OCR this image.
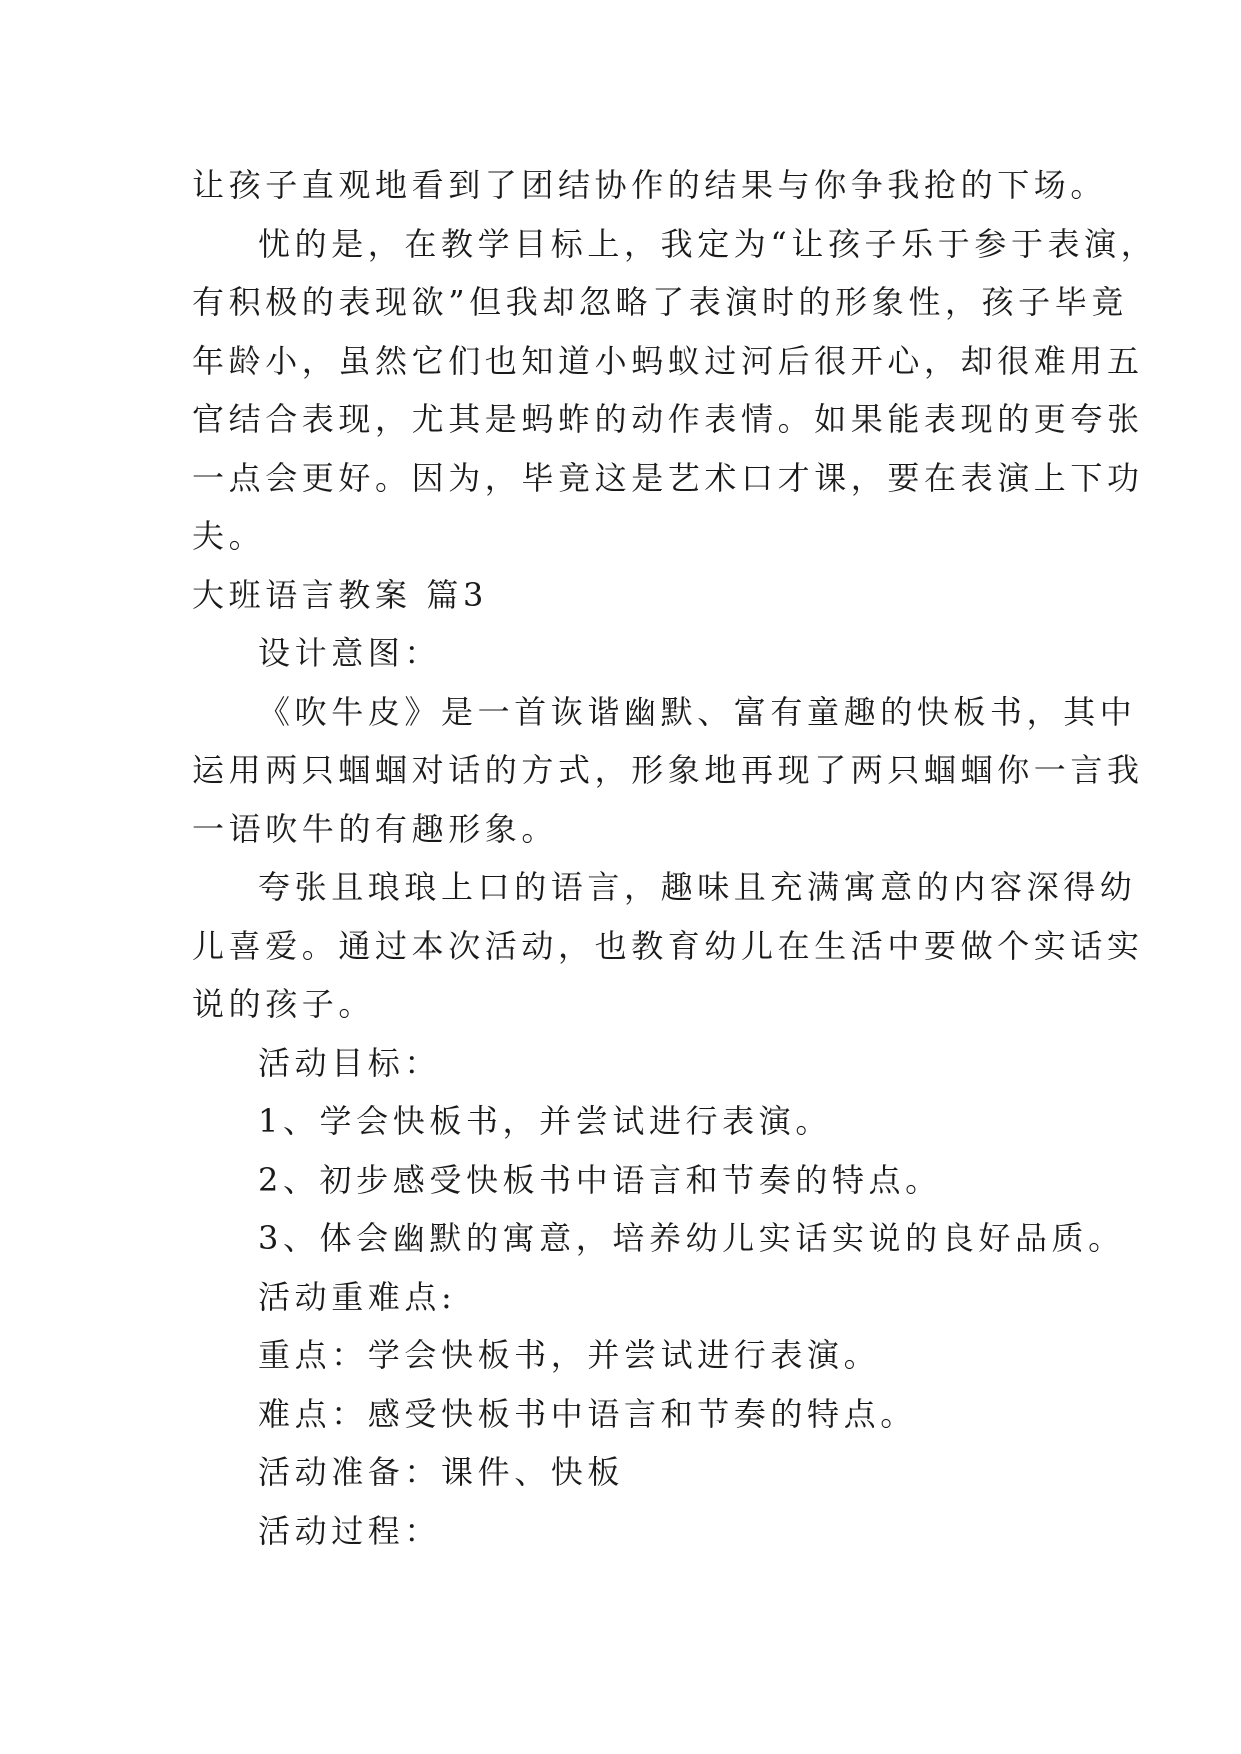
让孩子直观地看到了团结协作的结果与你争我抢的下场。
忧的是，在教学目标上，我定为“让孩子乐于参于表演，
有积极的表现欲”但我却忽略了表演时的形象性，孩子毕竟
年龄小，虽然它们也知道小蚂蚁过河后很开心，却很难用五
官结合表现，尤其是蚂蚱的动作表情。如果能表现的更夸张
一点会更好。因为，毕竟这是艺术口才课，要在表演上下功
夫。
大班语言教案 篇3
设计意图：
《吹牛皮》是一首诙谐幽默、富有童趣的快板书，其中
运用两只蝈蝈对话的方式，形象地再现了两只蝈蝈你一言我
一语吹牛的有趣形象。
夸张且琅琅上口的语言，趣味且充满寓意的内容深得幼
儿喜爱。通过本次活动，也教育幼儿在生活中要做个实话实
说的孩子。
活动目标：
1、学会快板书，并尝试进行表演。
2、初步感受快板书中语言和节奏的特点。
3、体会幽默的寓意，培养幼儿实话实说的良好品质。
活动重难点:
重点：学会快板书，并尝试进行表演。
难点：感受快板书中语言和节奏的特点。
活动准备：课件、快板
活动过程：
